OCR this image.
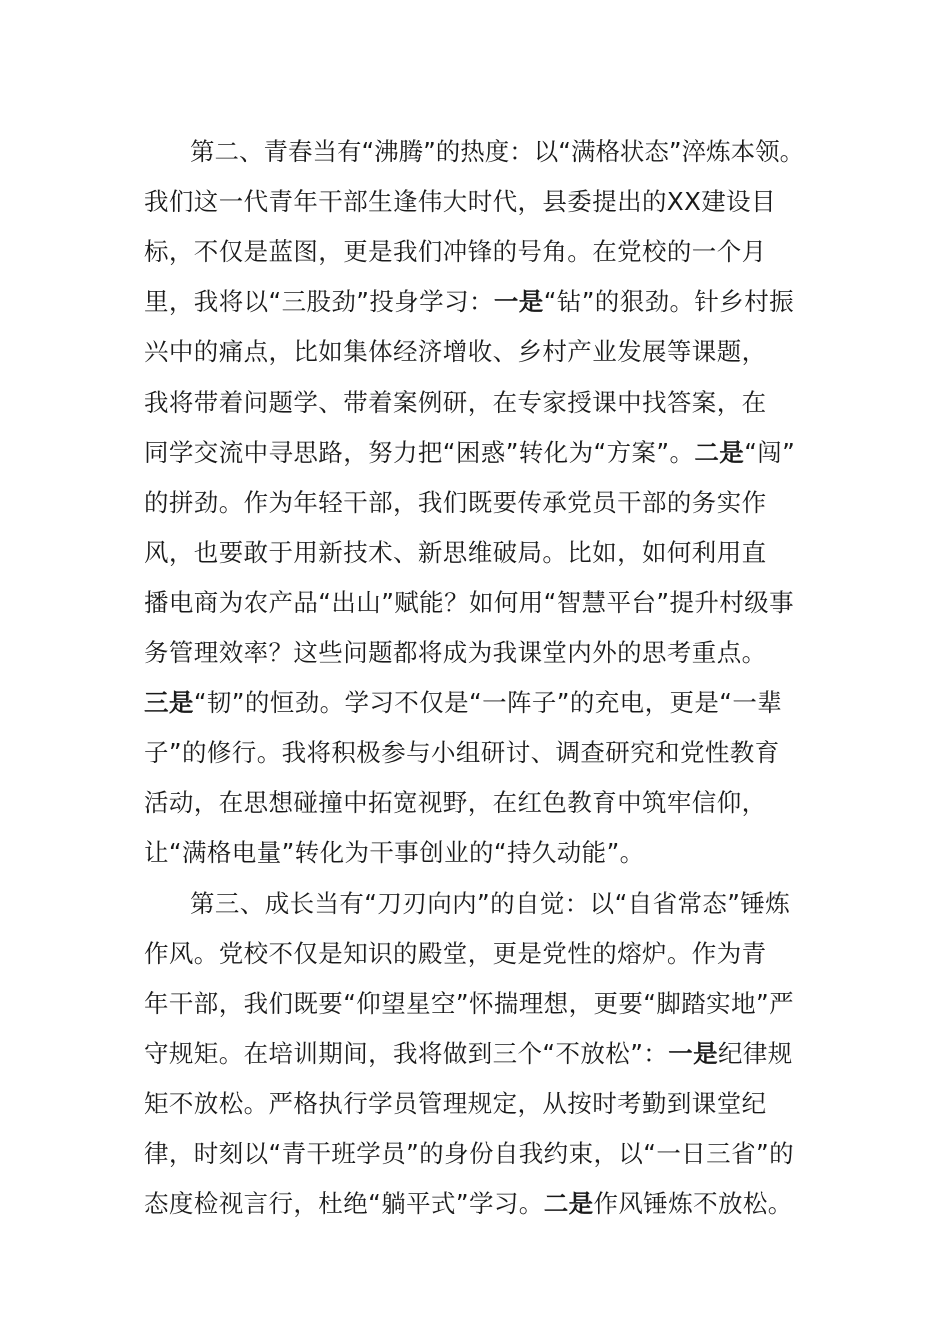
第二、青春当有“沸腾”的热度：以“满格状态”淬炼本领。
我们这一代青年干部生逢伟大时代，县委提出的XX建设目
标，不仅是蓝图，更是我们冲锋的号角。在党校的一个月
里，我将以“三股劲”投身学习：一是“钻”的狠劲。针乡村振
兴中的痛点，比如集体经济增收、乡村产业发展等课题，
我将带着问题学、带着案例研，在专家授课中找答案，在
同学交流中寻思路，努力把“困惑”转化为“方案”。二是“闯”
的拼劲。作为年轻干部，我们既要传承党员干部的务实作
风，也要敢于用新技术、新思维破局。比如，如何利用直
播电商为农产品“出山”赋能？如何用“智慧平台”提升村级事
务管理效率？这些问题都将成为我课堂内外的思考重点。
三是“韧”的恒劲。学习不仅是“一阵子”的充电，更是“一辈
子”的修行。我将积极参与小组研讨、调查研究和党性教育
活动，在思想碰撞中拓宽视野，在红色教育中筑牢信仰，
让“满格电量”转化为干事创业的“持久动能”。
第三、成长当有“刀刃向内”的自觉：以“自省常态”锤炼
作风。党校不仅是知识的殿堂，更是党性的熔炉。作为青
年干部，我们既要“仰望星空”怀揣理想，更要“脚踏实地”严
守规矩。在培训期间，我将做到三个“不放松”：一是纪律规
矩不放松。严格执行学员管理规定，从按时考勤到课堂纪
律，时刻以“青干班学员”的身份自我约束，以“一日三省”的
态度检视言行，杜绝“躺平式”学习。二是作风锤炼不放松。
